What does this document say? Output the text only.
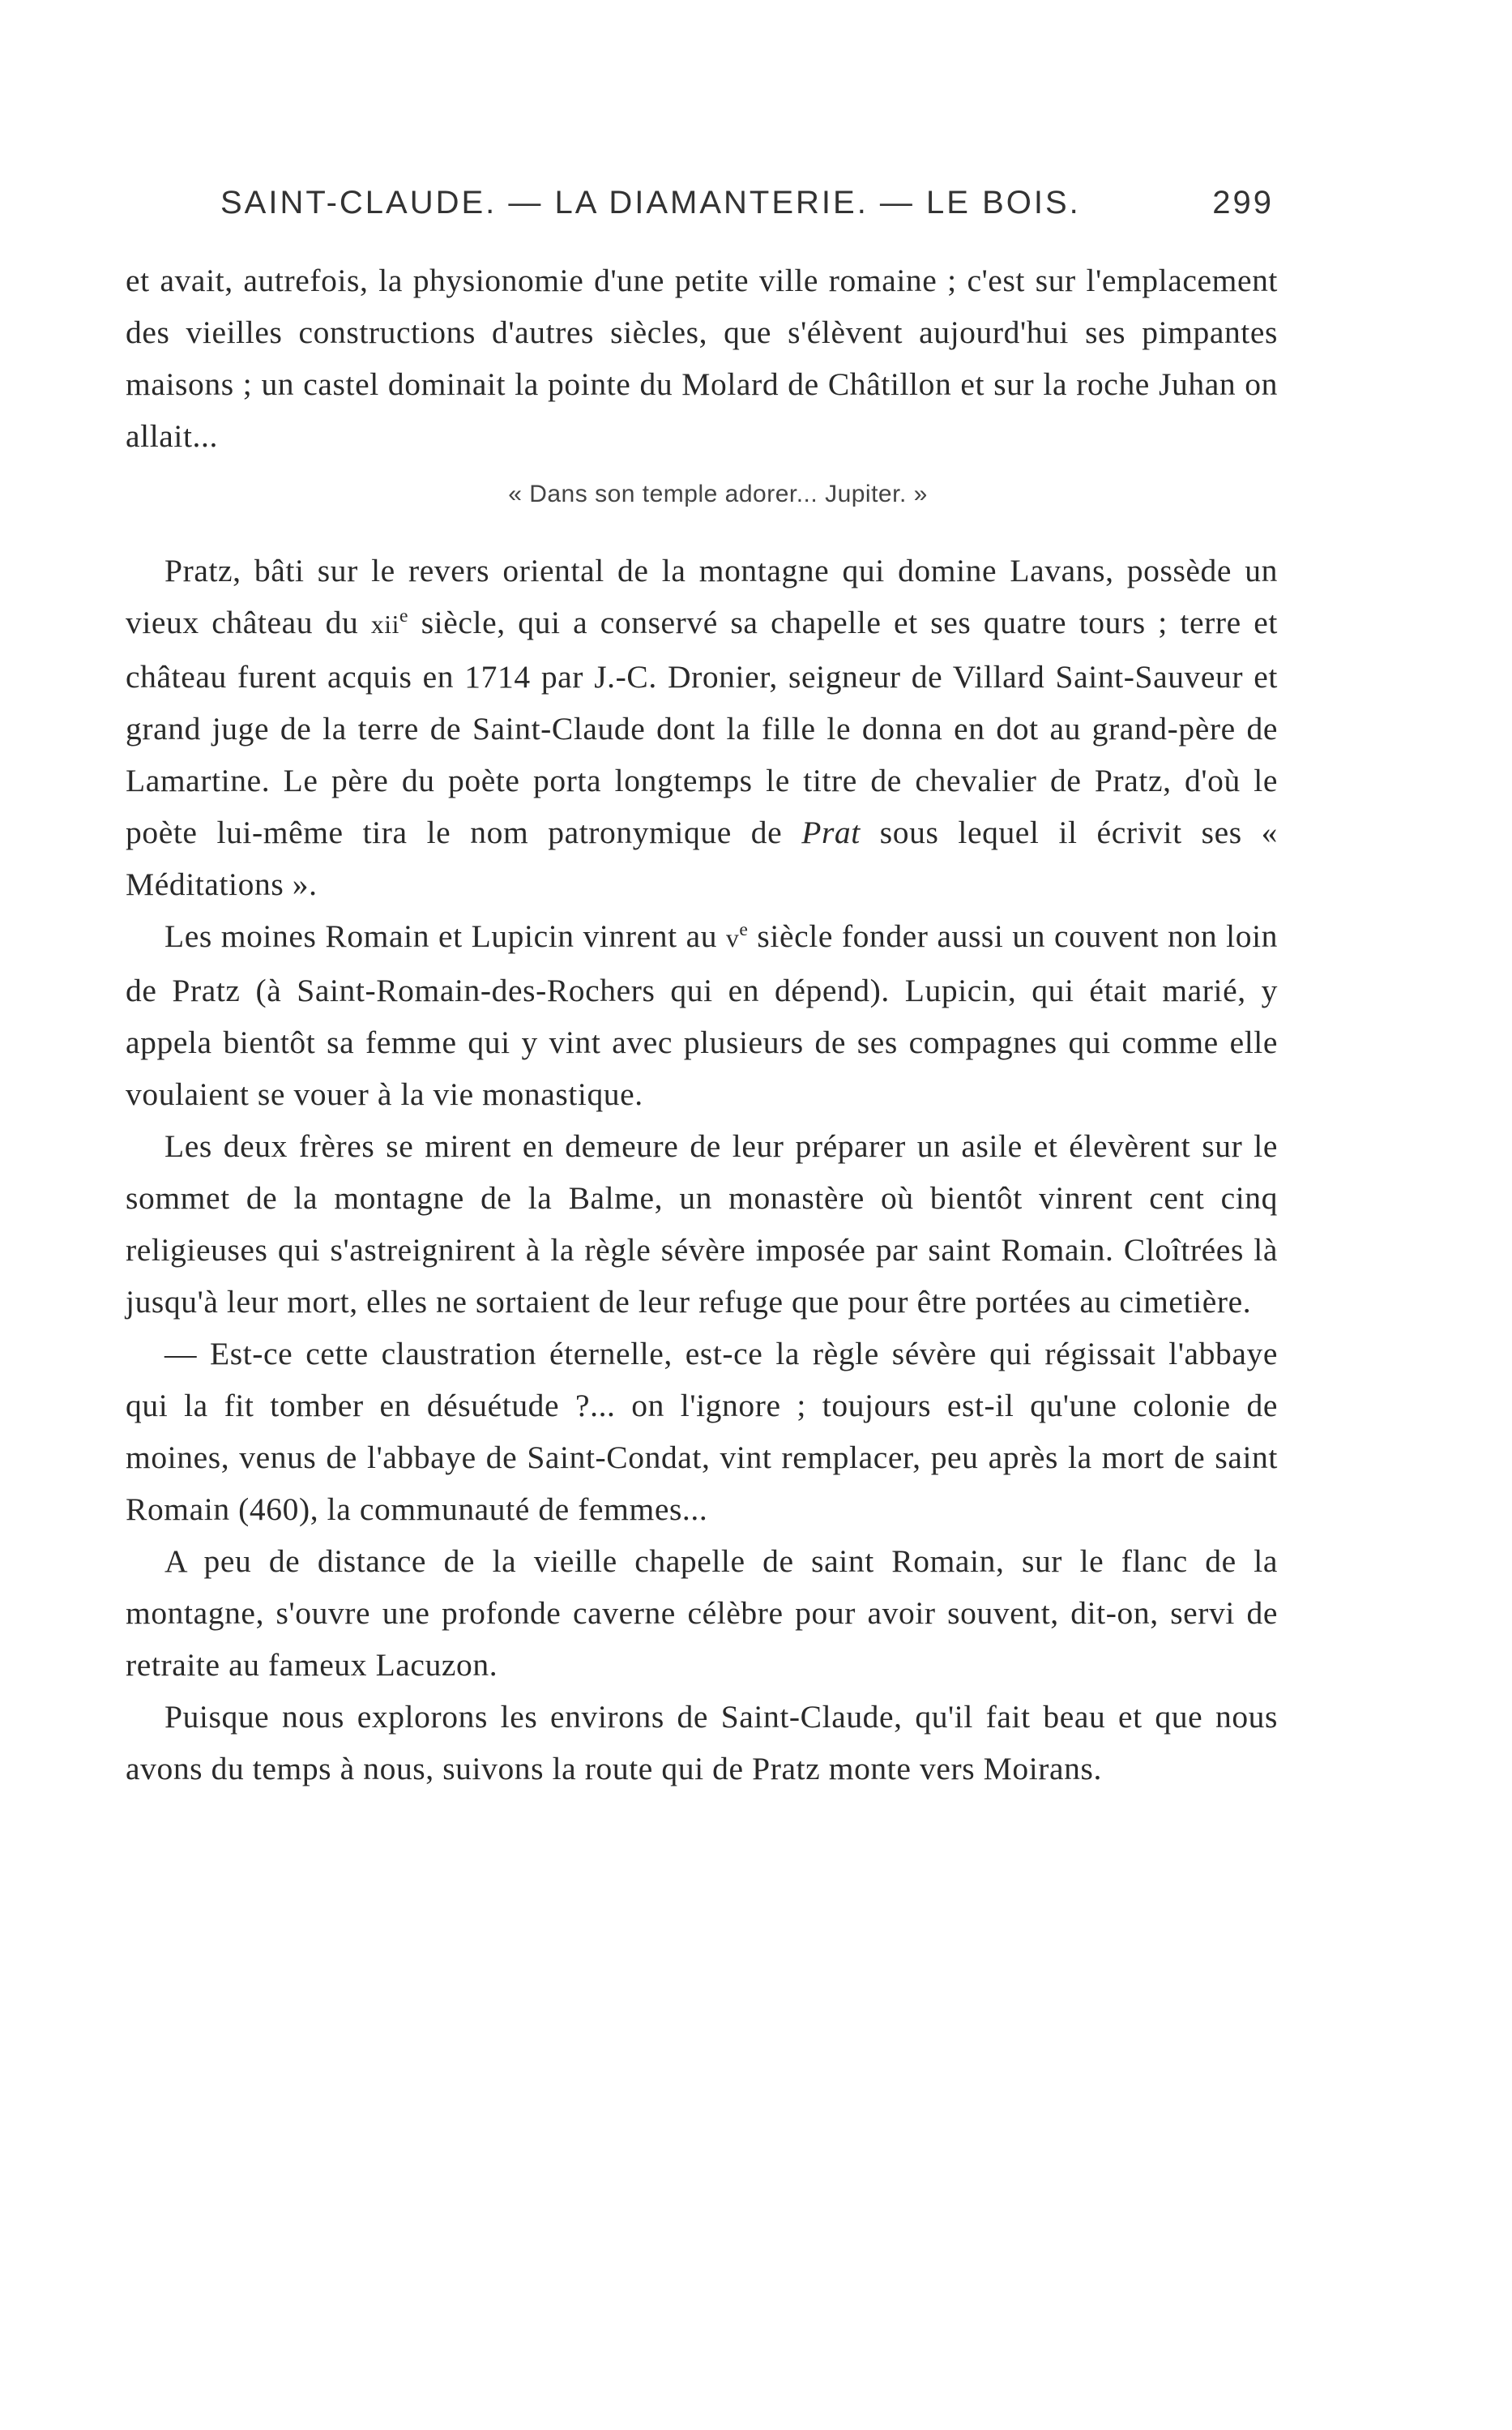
SAINT-CLAUDE. — LA DIAMANTERIE. — LE BOIS.	299

et avait, autrefois, la physionomie d'une petite ville romaine ; c'est sur l'emplacement des vieilles constructions d'autres siècles, que s'élèvent aujourd'hui ses pimpantes maisons ; un castel dominait la pointe du Molard de Châtillon et sur la roche Juhan on allait...

« Dans son temple adorer... Jupiter. »

Pratz, bâti sur le revers oriental de la montagne qui domine Lavans, possède un vieux château du xii$^e$ siècle, qui a conservé sa chapelle et ses quatre tours ; terre et château furent acquis en 1714 par J.-C. Dronier, seigneur de Villard Saint-Sauveur et grand juge de la terre de Saint-Claude dont la fille le donna en dot au grand-père de Lamartine. Le père du poète porta longtemps le titre de chevalier de Pratz, d'où le poète lui-même tira le nom patronymique de Prat sous lequel il écrivit ses « Méditations ».

Les moines Romain et Lupicin vinrent au $v^e$ siècle fonder aussi un couvent non loin de Pratz (à Saint-Romain-des-Rochers qui en dépend). Lupicin, qui était marié, y appela bientôt sa femme qui y vint avec plusieurs de ses compagnes qui comme elle voulaient se vouer à la vie monastique.

Les deux frères se mirent en demeure de leur préparer un asile et élevèrent sur le sommet de la montagne de la Balme, un monastère où bientôt vinrent cent cinq religieuses qui s'astreignirent à la règle sévère imposée par saint Romain. Cloîtrées là jusqu'à leur mort, elles ne sortaient de leur refuge que pour être portées au cimetière.

— Est-ce cette claustration éternelle, est-ce la règle sévère qui régissait l'abbaye qui la fit tomber en désuétude ?... on l'ignore ; toujours est-il qu'une colonie de moines, venus de l'abbaye de Saint-Condat, vint remplacer, peu après la mort de saint Romain (460), la communauté de femmes...

A peu de distance de la vieille chapelle de saint Romain, sur le flanc de la montagne, s'ouvre une profonde caverne célèbre pour avoir souvent, dit-on, servi de retraite au fameux Lacuzon.

Puisque nous explorons les environs de Saint-Claude, qu'il fait beau et que nous avons du temps à nous, suivons la route qui de Pratz monte vers Moirans.
